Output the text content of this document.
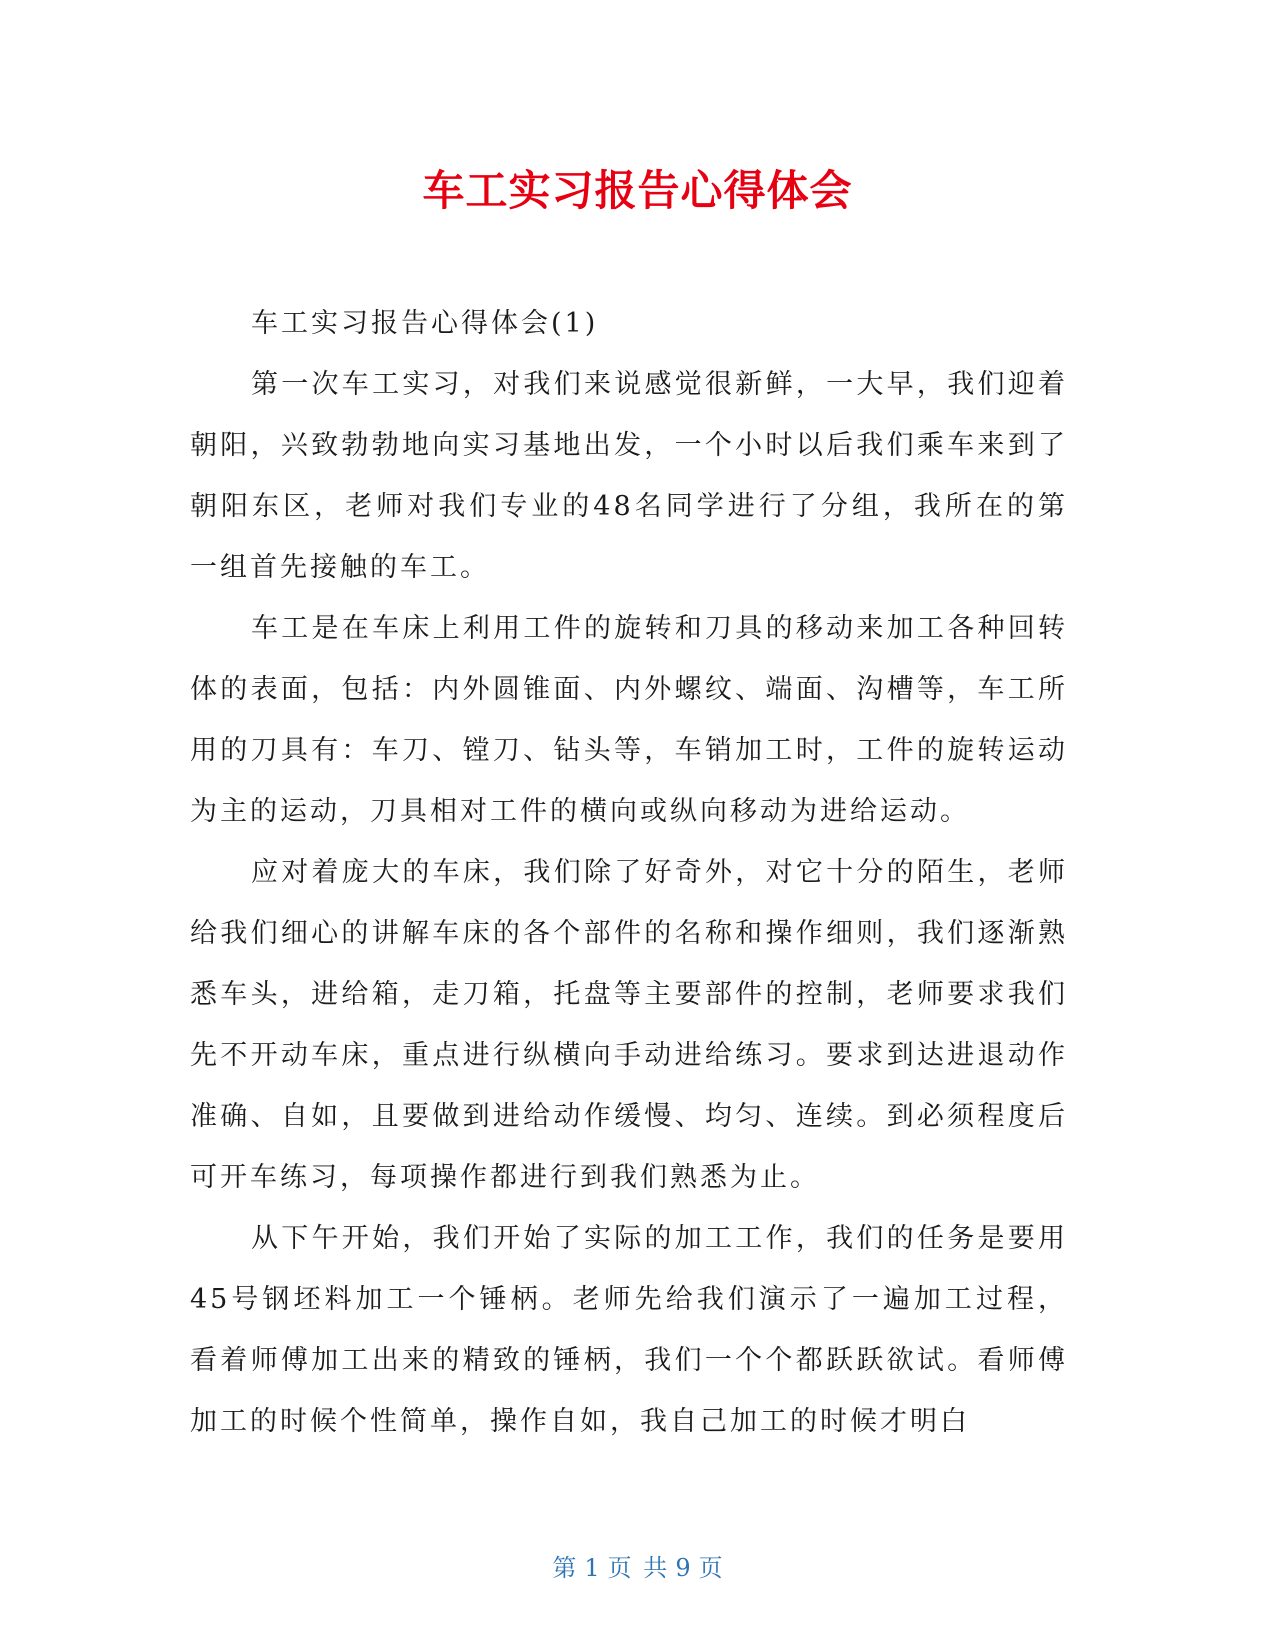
车工实习报告心得体会

车工实习报告心得体会(1)

第一次车工实习，对我们来说感觉很新鲜，一大早，我们迎着朝阳，兴致勃勃地向实习基地出发，一个小时以后我们乘车来到了朝阳东区，老师对我们专业的48名同学进行了分组，我所在的第一组首先接触的车工。

车工是在车床上利用工件的旋转和刀具的移动来加工各种回转体的表面，包括：内外圆锥面、内外螺纹、端面、沟槽等，车工所用的刀具有：车刀、镗刀、钻头等，车销加工时，工件的旋转运动为主的运动，刀具相对工件的横向或纵向移动为进给运动。

应对着庞大的车床，我们除了好奇外，对它十分的陌生，老师给我们细心的讲解车床的各个部件的名称和操作细则，我们逐渐熟悉车头，进给箱，走刀箱，托盘等主要部件的控制，老师要求我们先不开动车床，重点进行纵横向手动进给练习。要求到达进退动作准确、自如，且要做到进给动作缓慢、均匀、连续。到必须程度后可开车练习，每项操作都进行到我们熟悉为止。

从下午开始，我们开始了实际的加工工作，我们的任务是要用45号钢坯料加工一个锤柄。老师先给我们演示了一遍加工过程，看着师傅加工出来的精致的锤柄，我们一个个都跃跃欲试。看师傅加工的时候个性简单，操作自如，我自己加工的时候才明白

第 1 页 共 9 页
